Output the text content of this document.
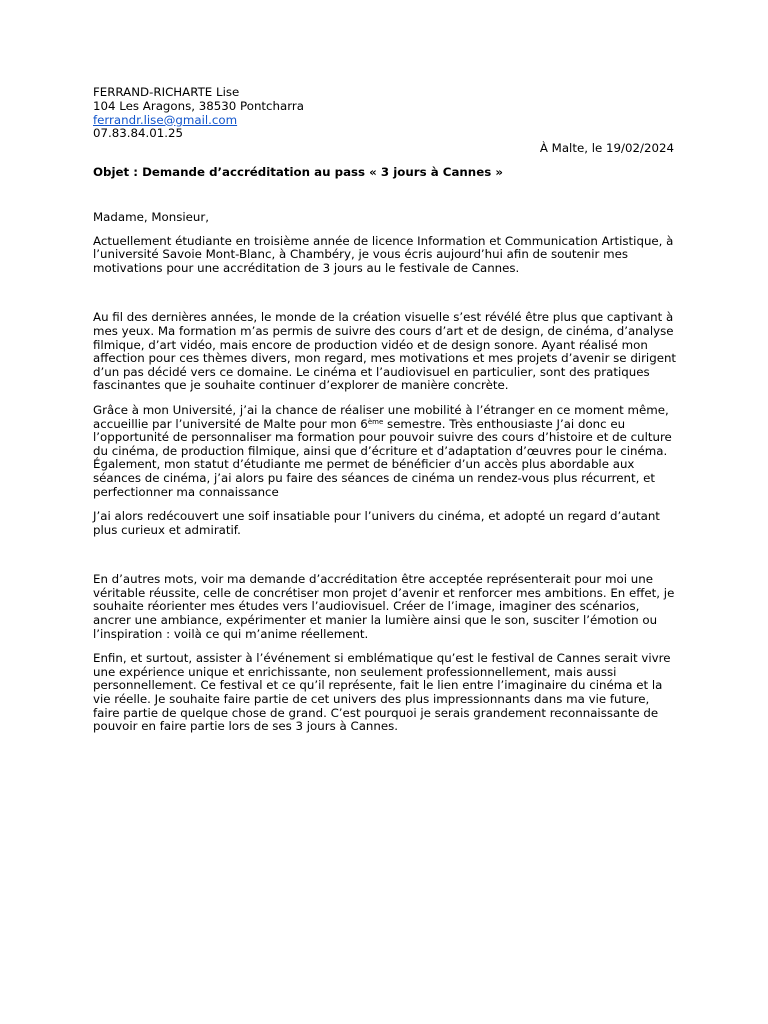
FERRAND-RICHARTE Lise
104 Les Aragons, 38530 Pontcharra
ferrandr.lise@gmail.com
07.83.84.01.25
À Malte, le 19/02/2024
Objet : Demande d’accréditation au pass « 3 jours à Cannes »

Madame, Monsieur,

Actuellement étudiante en troisième année de licence Information et Communication Artistique, à l’université Savoie Mont-Blanc, à Chambéry, je vous écris aujourd’hui afin de soutenir mes motivations pour une accréditation de 3 jours au le festivale de Cannes.

Au fil des dernières années, le monde de la création visuelle s’est révélé être plus que captivant à mes yeux. Ma formation m’as permis de suivre des cours d’art et de design, de cinéma, d’analyse filmique, d’art vidéo, mais encore de production vidéo et de design sonore. Ayant réalisé mon affection pour ces thèmes divers, mon regard, mes motivations et mes projets d’avenir se dirigent d’un pas décidé vers ce domaine. Le cinéma et l’audiovisuel en particulier, sont des pratiques fascinantes que je souhaite continuer d’explorer de manière concrète.

Grâce à mon Université, j’ai la chance de réaliser une mobilité à l’étranger en ce moment même, accueillie par l’université de Malte pour mon 6ème semestre. Très enthousiaste J’ai donc eu l’opportunité de personnaliser ma formation pour pouvoir suivre des cours d’histoire et de culture du cinéma, de production filmique, ainsi que d’écriture et d’adaptation d’œuvres pour le cinéma. Également, mon statut d’étudiante me permet de bénéficier d’un accès plus abordable aux séances de cinéma, j’ai alors pu faire des séances de cinéma un rendez-vous plus récurrent, et perfectionner ma connaissance

J’ai alors redécouvert une soif insatiable pour l’univers du cinéma, et adopté un regard d’autant plus curieux et admiratif.

En d’autres mots, voir ma demande d’accréditation être acceptée représenterait pour moi une véritable réussite, celle de concrétiser mon projet d’avenir et renforcer mes ambitions. En effet, je souhaite réorienter mes études vers l’audiovisuel. Créer de l’image, imaginer des scénarios, ancrer une ambiance, expérimenter et manier la lumière ainsi que le son, susciter l’émotion ou l’inspiration : voilà ce qui m’anime réellement.

Enfin, et surtout, assister à l’événement si emblématique qu’est le festival de Cannes serait vivre une expérience unique et enrichissante, non seulement professionnellement, mais aussi personnellement. Ce festival et ce qu’il représente, fait le lien entre l’imaginaire du cinéma et la vie réelle. Je souhaite faire partie de cet univers des plus impressionnants dans ma vie future, faire partie de quelque chose de grand. C’est pourquoi je serais grandement reconnaissante de pouvoir en faire partie lors de ses 3 jours à Cannes.
